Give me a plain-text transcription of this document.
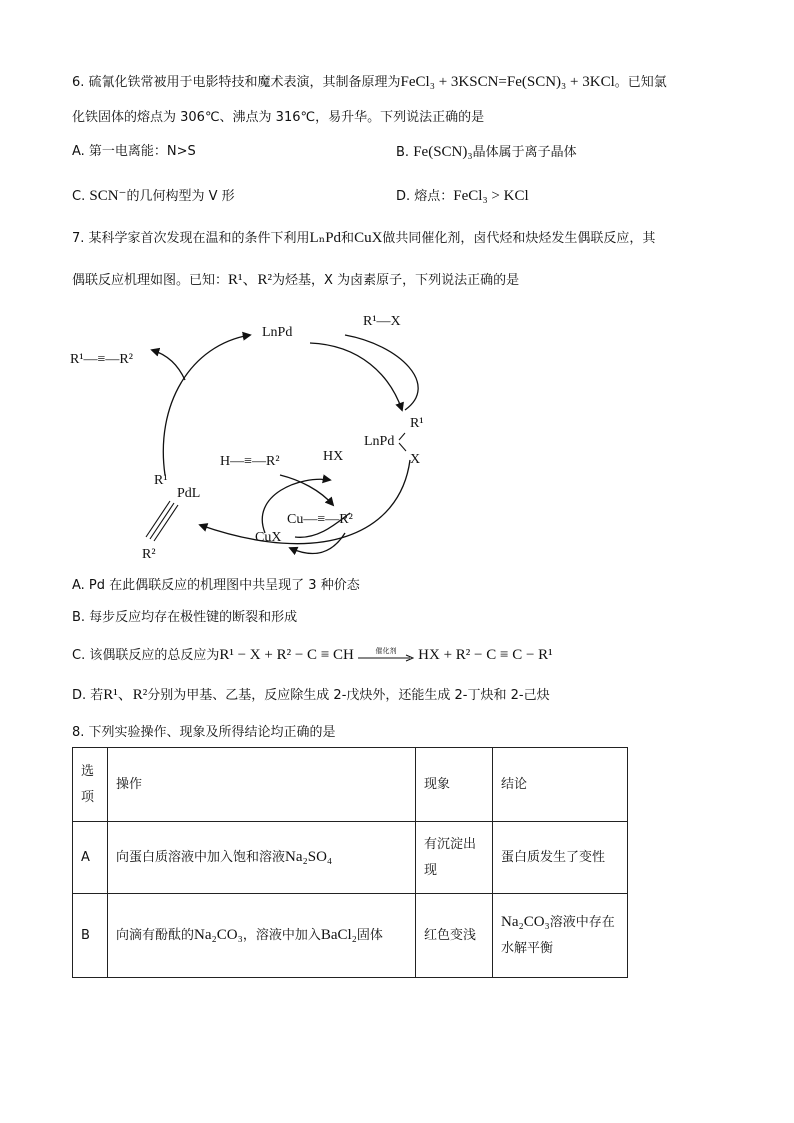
6. 硫氰化铁常被用于电影特技和魔术表演，其制备原理为FeCl₃ + 3KSCN=Fe(SCN)₃ + 3KCl。已知氯
化铁固体的熔点为 306℃、沸点为 316℃，易升华。下列说法正确的是
A. 第一电离能：N>S	B. Fe(SCN)₃晶体属于离子晶体
C. SCN⁻的几何构型为 V 形	D. 熔点：FeCl₃ > KCl
7. 某科学家首次发现在温和的条件下利用LₙPd和CuX做共同催化剂，卤代烃和炔烃发生偶联反应，其
偶联反应机理如图。已知：R¹、R²为烃基，X 为卤素原子，下列说法正确的是
LnPd
R¹—X
R¹—≡—R²
LnPd
R¹
X
H—≡—R²	HX
PdL
R¹
R²
Cu—≡—R²
CuX
A. Pd 在此偶联反应的机理图中共呈现了 3 种价态
B. 每步反应均存在极性键的断裂和形成
C. 该偶联反应的总反应为R¹ − X + R² − C ≡ CH	催化剂	HX + R² − C ≡ C − R¹
D. 若R¹、R²分别为甲基、乙基，反应除生成 2-戊炔外，还能生成 2-丁炔和 2-己炔
8. 下列实验操作、现象及所得结论均正确的是
选项	操作	现象	结论
A	向蛋白质溶液中加入饱和溶液Na₂SO₄	有沉淀出现	蛋白质发生了变性
B	向滴有酚酞的Na₂CO₃，溶液中加入BaCl₂固体	红色变浅	Na₂CO₃溶液中存在水解平衡
